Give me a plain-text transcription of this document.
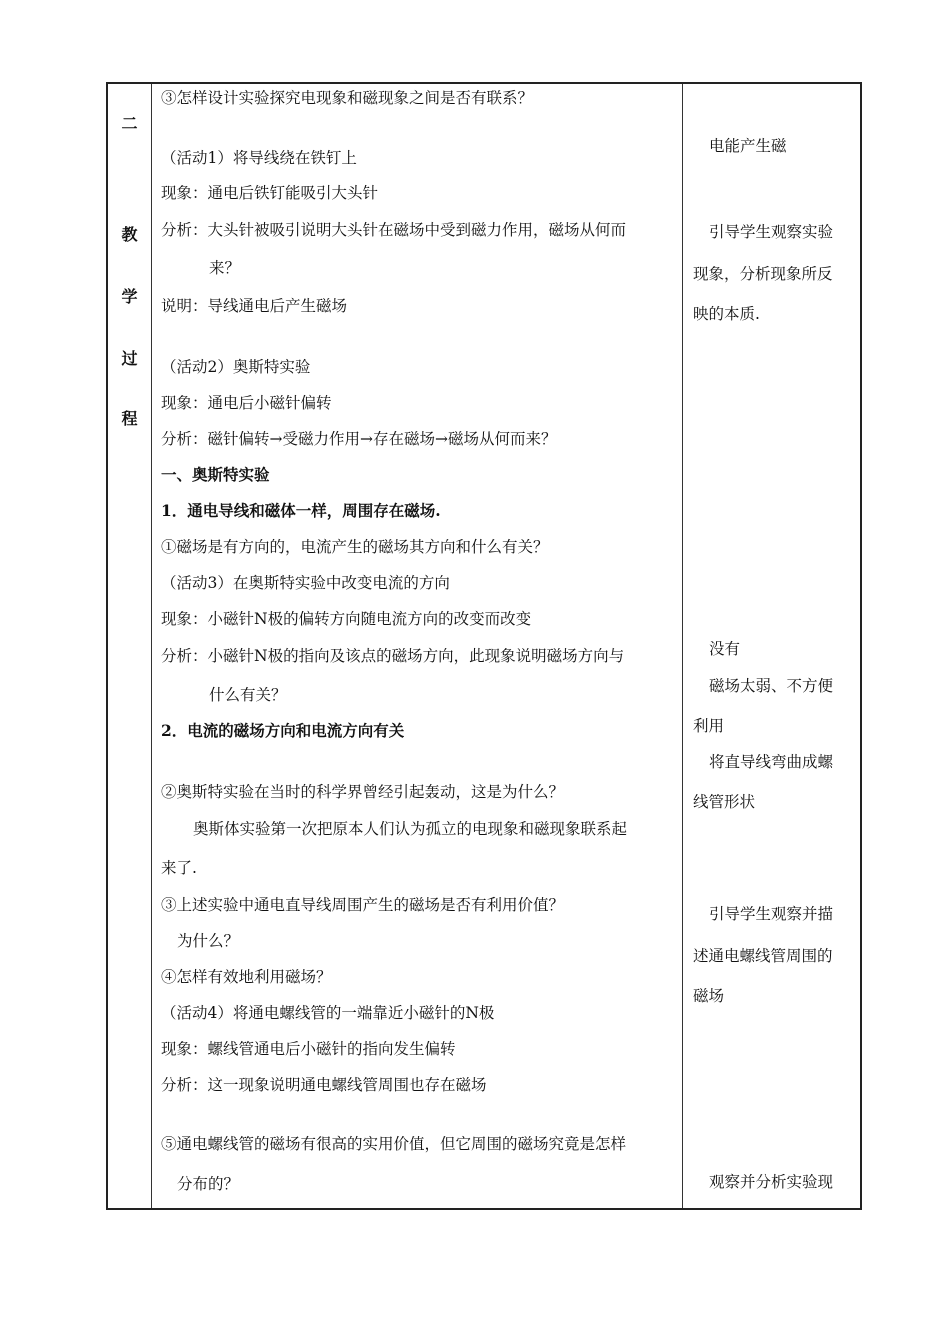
二
教
学
过
程
③怎样设计实验探究电现象和磁现象之间是否有联系？
（活动1）将导线绕在铁钉上
现象：通电后铁钉能吸引大头针
分析：大头针被吸引说明大头针在磁场中受到磁力作用，磁场从何而
来？
说明：导线通电后产生磁场
（活动2）奥斯特实验
现象：通电后小磁针偏转
分析：磁针偏转→受磁力作用→存在磁场→磁场从何而来？
一、奥斯特实验
1．通电导线和磁体一样，周围存在磁场.
①磁场是有方向的，电流产生的磁场其方向和什么有关？
（活动3）在奥斯特实验中改变电流的方向
现象：小磁针N极的偏转方向随电流方向的改变而改变
分析：小磁针N极的指向及该点的磁场方向，此现象说明磁场方向与
什么有关？
2．电流的磁场方向和电流方向有关
②奥斯特实验在当时的科学界曾经引起轰动，这是为什么？
奥斯体实验第一次把原本人们认为孤立的电现象和磁现象联系起
来了.
③上述实验中通电直导线周围产生的磁场是否有利用价值？
为什么？
④怎样有效地利用磁场？
（活动4）将通电螺线管的一端靠近小磁针的N极
现象：螺线管通电后小磁针的指向发生偏转
分析：这一现象说明通电螺线管周围也存在磁场
⑤通电螺线管的磁场有很高的实用价值，但它周围的磁场究竟是怎样
分布的？
电能产生磁
引导学生观察实验
现象，分析现象所反
映的本质.
没有
磁场太弱、不方便
利用
将直导线弯曲成螺
线管形状
引导学生观察并描
述通电螺线管周围的
磁场
观察并分析实验现
